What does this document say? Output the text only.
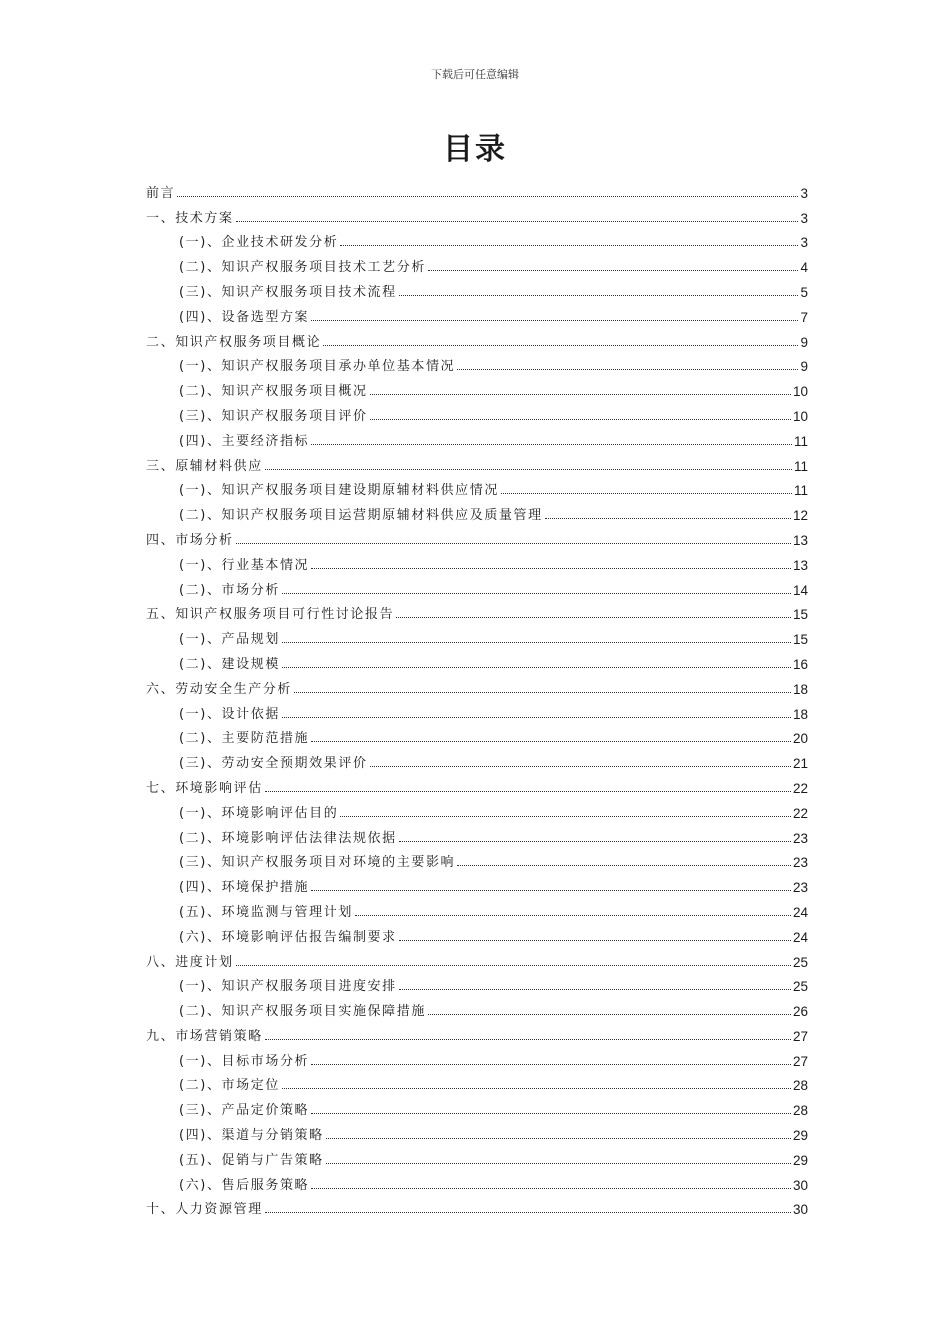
下载后可任意编辑
目录
前言	3
一、技术方案	3
(一)、企业技术研发分析	3
(二)、知识产权服务项目技术工艺分析	4
(三)、知识产权服务项目技术流程	5
(四)、设备选型方案	7
二、知识产权服务项目概论	9
(一)、知识产权服务项目承办单位基本情况	9
(二)、知识产权服务项目概况	10
(三)、知识产权服务项目评价	10
(四)、主要经济指标	11
三、原辅材料供应	11
(一)、知识产权服务项目建设期原辅材料供应情况	11
(二)、知识产权服务项目运营期原辅材料供应及质量管理	12
四、市场分析	13
(一)、行业基本情况	13
(二)、市场分析	14
五、知识产权服务项目可行性讨论报告	15
(一)、产品规划	15
(二)、建设规模	16
六、劳动安全生产分析	18
(一)、设计依据	18
(二)、主要防范措施	20
(三)、劳动安全预期效果评价	21
七、环境影响评估	22
(一)、环境影响评估目的	22
(二)、环境影响评估法律法规依据	23
(三)、知识产权服务项目对环境的主要影响	23
(四)、环境保护措施	23
(五)、环境监测与管理计划	24
(六)、环境影响评估报告编制要求	24
八、进度计划	25
(一)、知识产权服务项目进度安排	25
(二)、知识产权服务项目实施保障措施	26
九、市场营销策略	27
(一)、目标市场分析	27
(二)、市场定位	28
(三)、产品定价策略	28
(四)、渠道与分销策略	29
(五)、促销与广告策略	29
(六)、售后服务策略	30
十、人力资源管理	30
